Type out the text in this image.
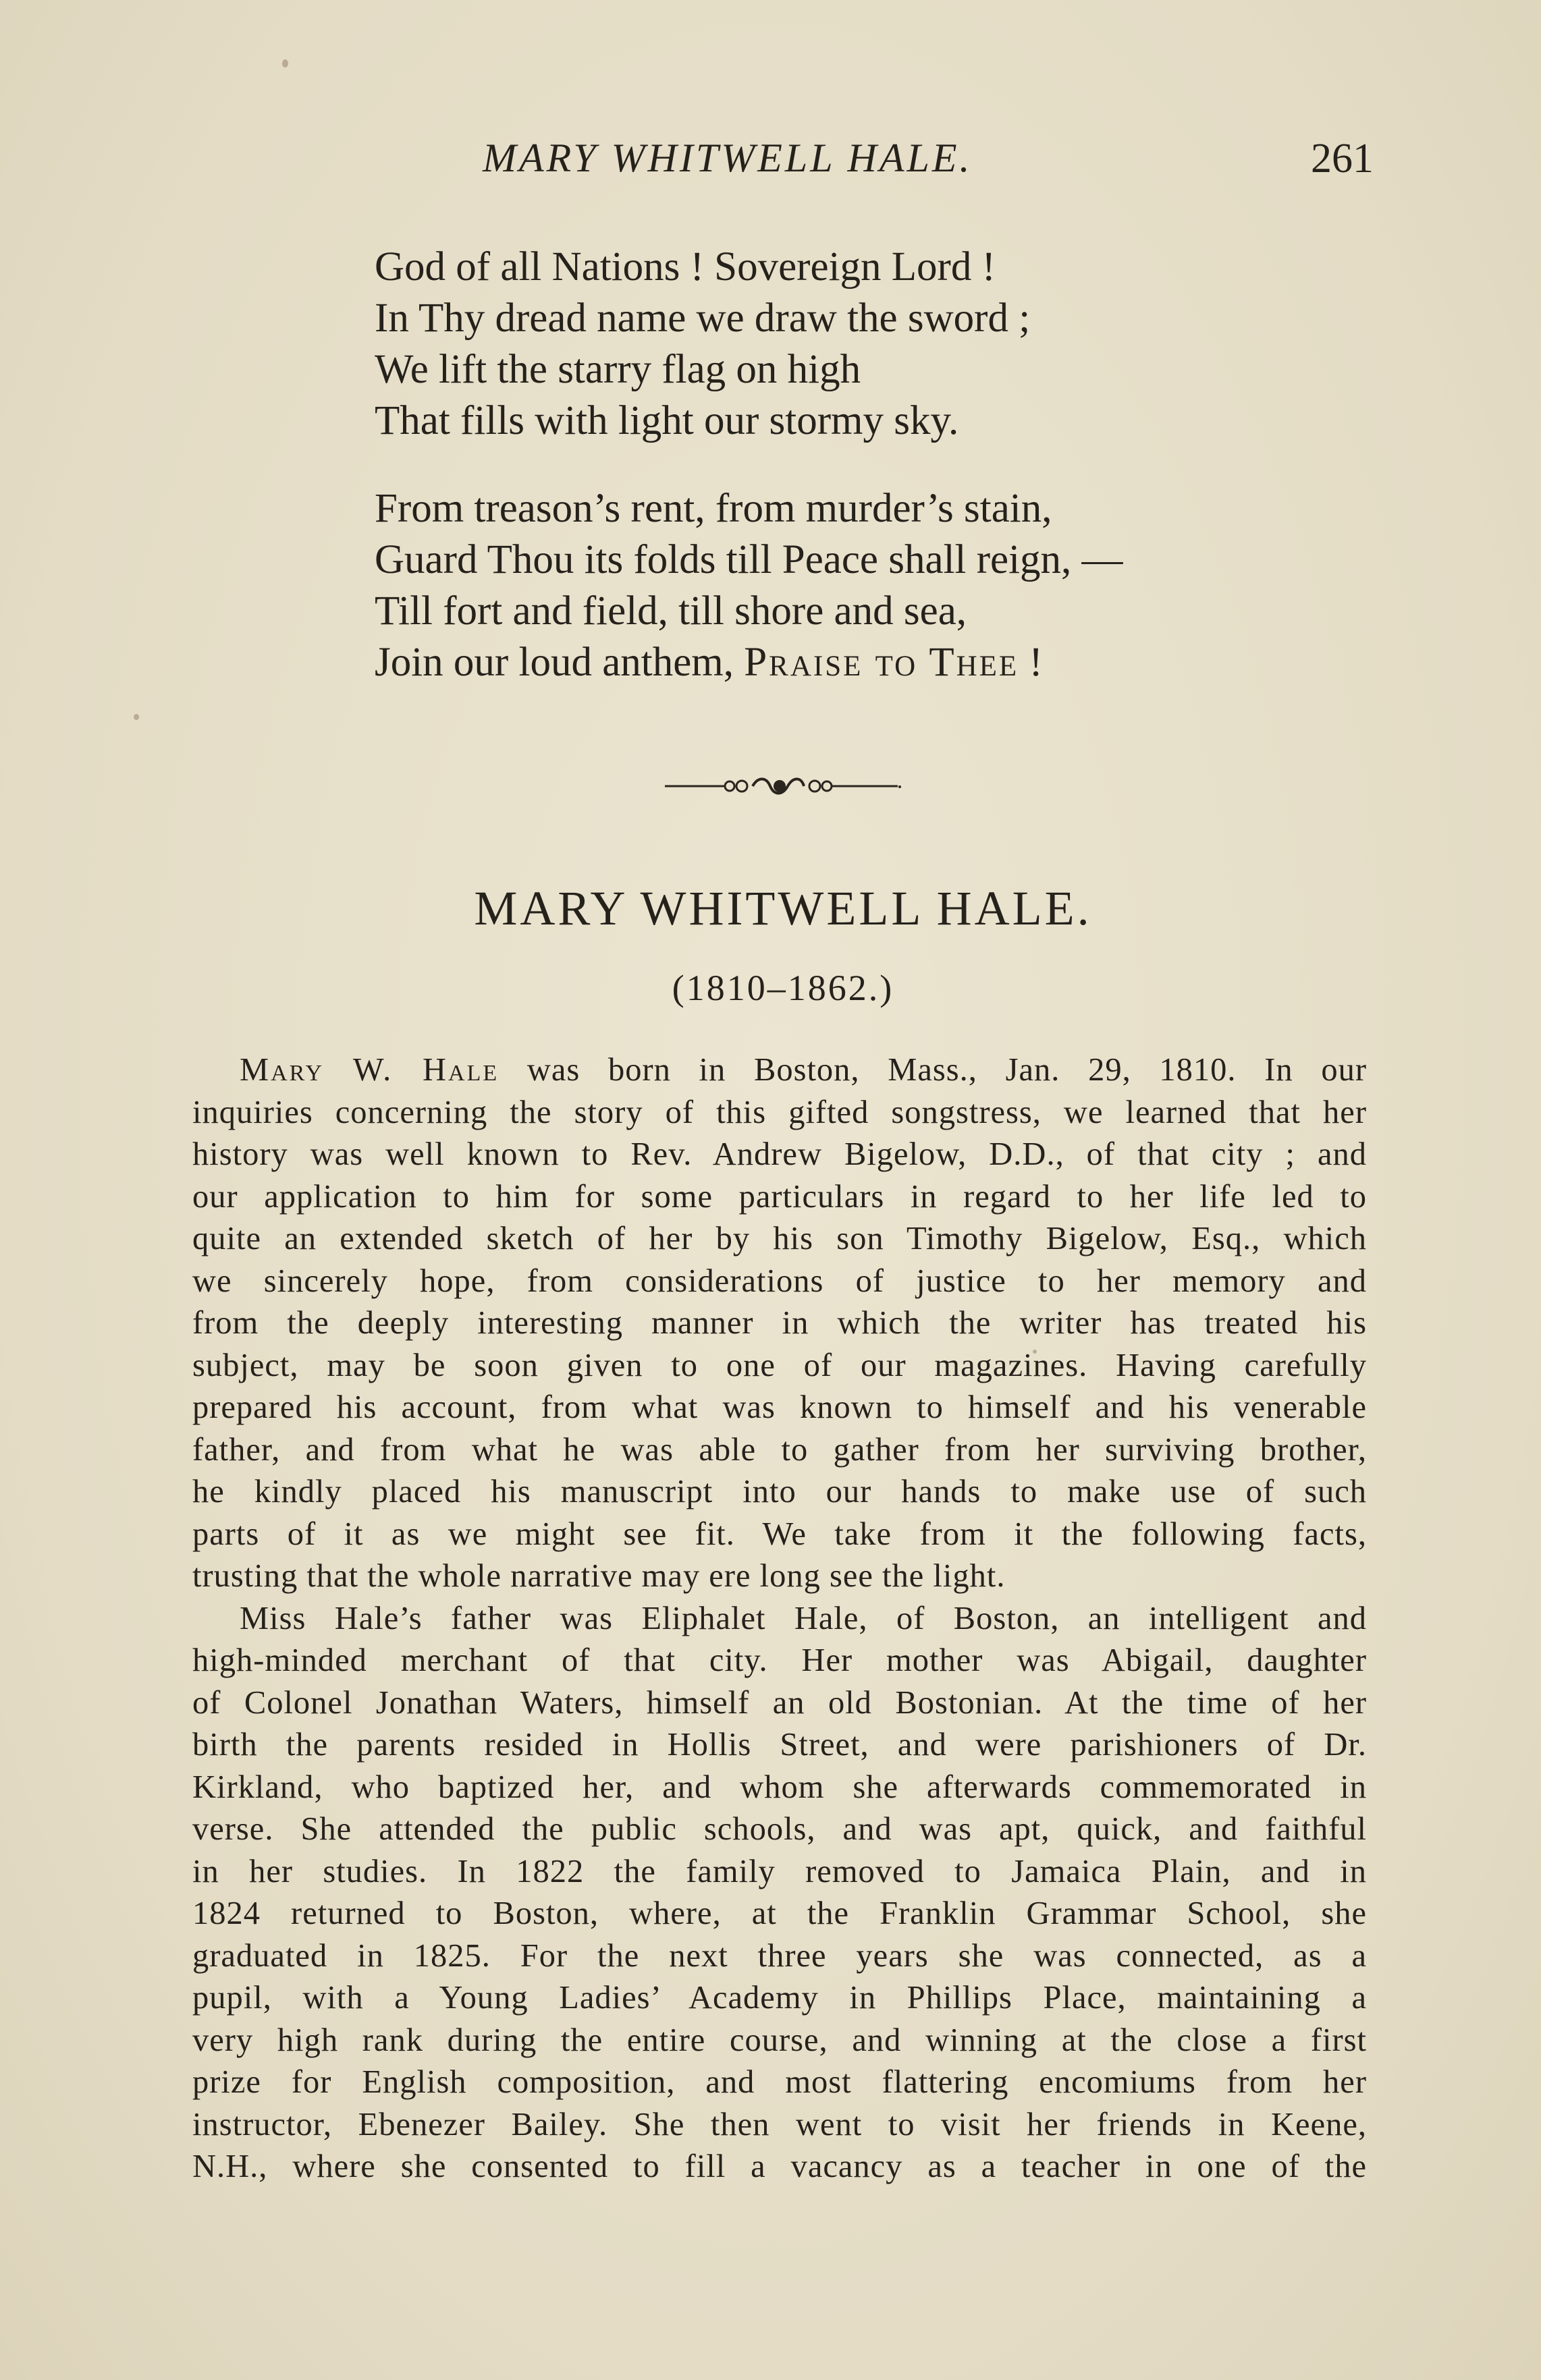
MARY WHITWELL HALE.	261
God of all Nations ! Sovereign Lord !
In Thy dread name we draw the sword ;
We lift the starry flag on high
That fills with light our stormy sky.
From treason’s rent, from murder’s stain,
Guard Thou its folds till Peace shall reign, —
Till fort and field, till shore and sea,
Join our loud anthem, Praise to Thee !
MARY WHITWELL HALE.
(1810–1862.)
Mary W. Hale was born in Boston, Mass., Jan. 29, 1810. In our
inquiries concerning the story of this gifted songstress, we learned that her
history was well known to Rev. Andrew Bigelow, D.D., of that city ; and
our application to him for some particulars in regard to her life led to
quite an extended sketch of her by his son Timothy Bigelow, Esq., which
we sincerely hope, from considerations of justice to her memory and
from the deeply interesting manner in which the writer has treated his
subject, may be soon given to one of our magazines. Having carefully
prepared his account, from what was known to himself and his venerable
father, and from what he was able to gather from her surviving brother,
he kindly placed his manuscript into our hands to make use of such
parts of it as we might see fit. We take from it the following facts,
trusting that the whole narrative may ere long see the light.
Miss Hale’s father was Eliphalet Hale, of Boston, an intelligent and
high-minded merchant of that city. Her mother was Abigail, daughter
of Colonel Jonathan Waters, himself an old Bostonian. At the time of her
birth the parents resided in Hollis Street, and were parishioners of Dr.
Kirkland, who baptized her, and whom she afterwards commemorated in
verse. She attended the public schools, and was apt, quick, and faithful
in her studies. In 1822 the family removed to Jamaica Plain, and in
1824 returned to Boston, where, at the Franklin Grammar School, she
graduated in 1825. For the next three years she was connected, as a
pupil, with a Young Ladies’ Academy in Phillips Place, maintaining a
very high rank during the entire course, and winning at the close a first
prize for English composition, and most flattering encomiums from her
instructor, Ebenezer Bailey. She then went to visit her friends in Keene,
N.H., where she consented to fill a vacancy as a teacher in one of the
